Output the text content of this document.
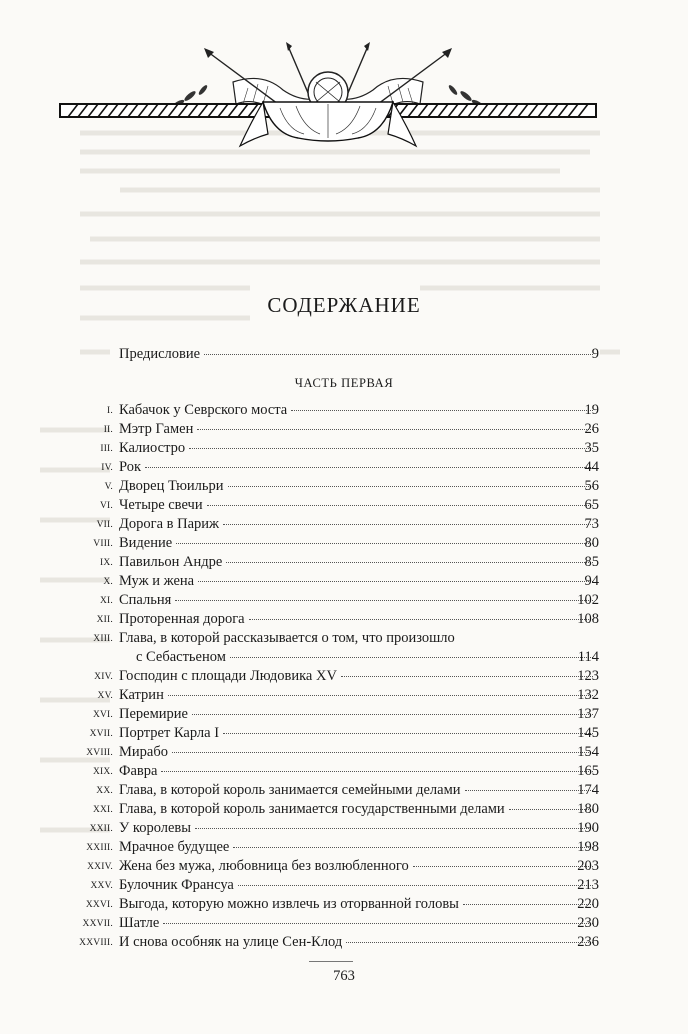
СОДЕРЖАНИЕ
Предисловие	9
ЧАСТЬ ПЕРВАЯ
I. Кабачок у Севрского моста	19
II. Мэтр Гамен	26
III. Калиостро	35
IV. Рок	44
V. Дворец Тюильри	56
VI. Четыре свечи	65
VII. Дорога в Париж	73
VIII. Видение	80
IX. Павильон Андре	85
X. Муж и жена	94
XI. Спальня	102
XII. Проторенная дорога	108
XIII. Глава, в которой рассказывается о том, что произошло
с Себастьеном	114
XIV. Господин с площади Людовика XV	123
XV. Катрин	132
XVI. Перемирие	137
XVII. Портрет Карла I	145
XVIII. Мирабо	154
XIX. Фавра	165
XX. Глава, в которой король занимается семейными делами	174
XXI. Глава, в которой король занимается государственными делами	180
XXII. У королевы	190
XXIII. Мрачное будущее	198
XXIV. Жена без мужа, любовница без возлюбленного	203
XXV. Булочник Франсуа	213
XXVI. Выгода, которую можно извлечь из оторванной головы	220
XXVII. Шатле	230
XXVIII. И снова особняк на улице Сен-Клод	236
763
